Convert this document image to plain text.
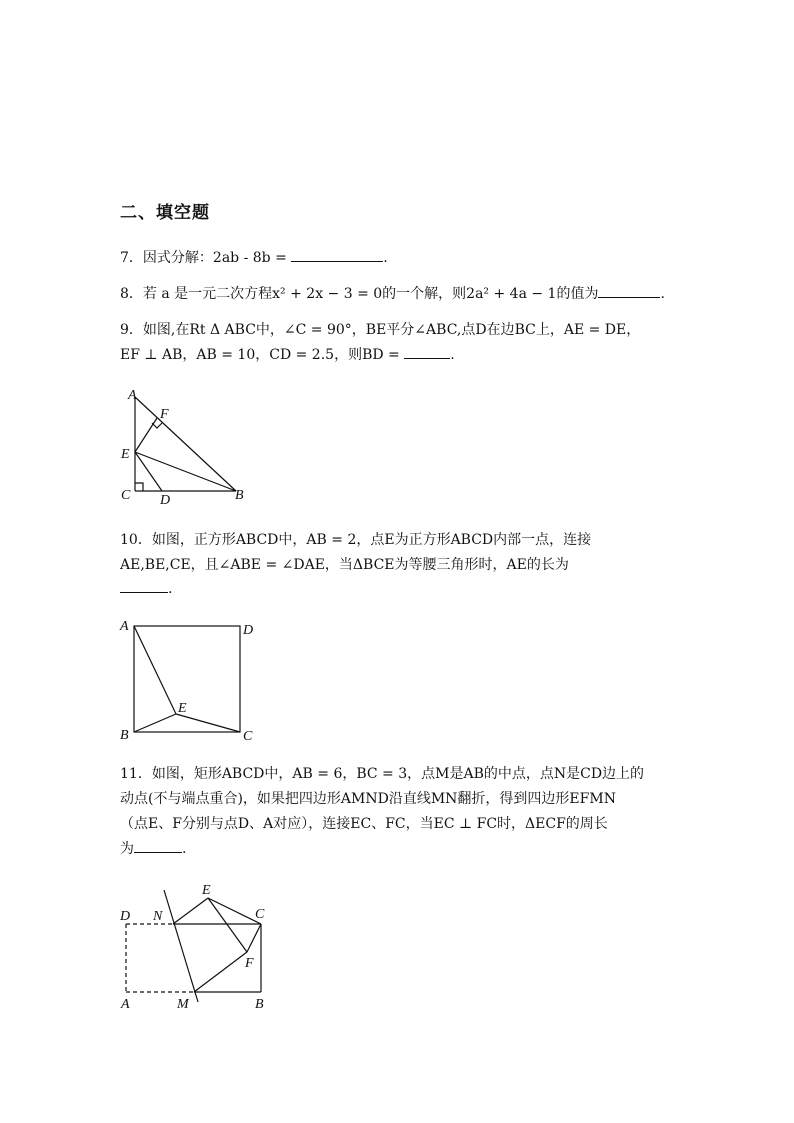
二、填空题
7．因式分解：2ab - 8b =	.
8．若 a 是一元二次方程x² + 2x − 3 = 0的一个解，则2a² + 4a − 1的值为	.
9．如图,在Rt Δ ABC中，∠C = 90°，BE平分∠ABC,点D在边BC上，AE = DE，
EF ⊥ AB，AB = 10，CD = 2.5，则BD =	.
A
F
E
C D	B
10．如图，正方形ABCD中，AB = 2，点E为正方形ABCD内部一点，连接
AE,BE,CE，且∠ABE = ∠DAE，当ΔBCE为等腰三角形时，AE的长为
.
A	D
E
B	C
11．如图，矩形ABCD中，AB = 6，BC = 3，点M是AB的中点，点N是CD边上的
动点(不与端点重合)，如果把四边形AMND沿直线MN翻折，得到四边形EFMN
（点E、F分别与点D、A对应），连接EC、FC，当EC ⊥ FC时，ΔECF的周长
为	.
E
D N	C
F
A	M	B
